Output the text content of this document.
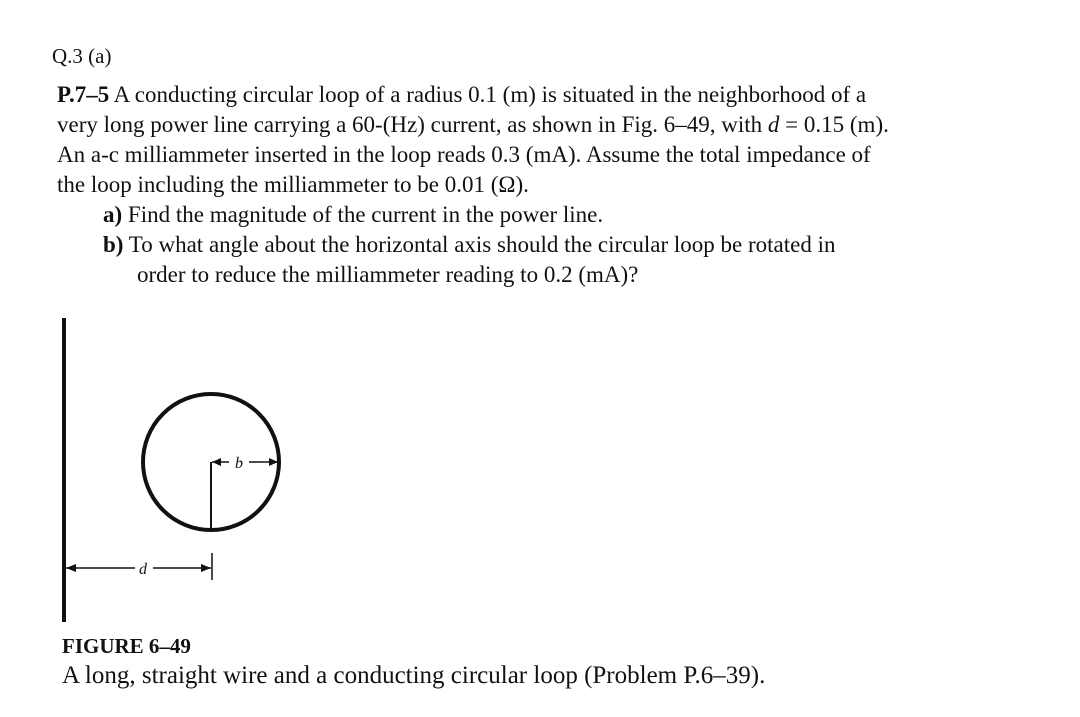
Q.3 (a)
P.7–5 A conducting circular loop of a radius 0.1 (m) is situated in the neighborhood of a
very long power line carrying a 60-(Hz) current, as shown in Fig. 6–49, with d = 0.15 (m).
An a-c milliammeter inserted in the loop reads 0.3 (mA). Assume the total impedance of
the loop including the milliammeter to be 0.01 (Ω).
a) Find the magnitude of the current in the power line.
b) To what angle about the horizontal axis should the circular loop be rotated in
order to reduce the milliammeter reading to 0.2 (mA)?
b
d
FIGURE 6–49
A long, straight wire and a conducting circular loop (Problem P.6–39).
